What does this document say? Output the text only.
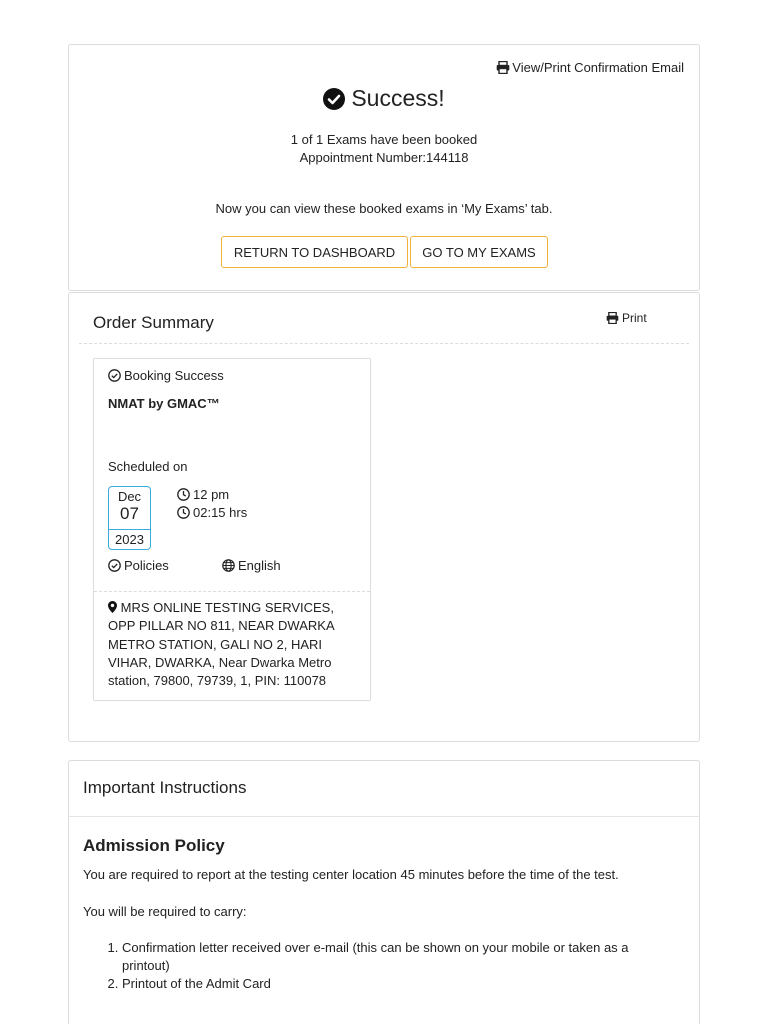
View/Print Confirmation Email
Success!
1 of 1 Exams have been booked
Appointment Number:144118
Now you can view these booked exams in ‘My Exams’ tab.
RETURN TO DASHBOARD	GO TO MY EXAMS
Order Summary	Print
Booking Success
NMAT by GMAC™
Scheduled on
Dec
07
2023
12 pm
02:15 hrs
Policies	English
MRS ONLINE TESTING SERVICES, OPP PILLAR NO 811, NEAR DWARKA METRO STATION, GALI NO 2, HARI VIHAR, DWARKA, Near Dwarka Metro station, 79800, 79739, 1, PIN: 110078
Important Instructions
Admission Policy
You are required to report at the testing center location 45 minutes before the time of the test.
You will be required to carry:
1. Confirmation letter received over e-mail (this can be shown on your mobile or taken as a printout)
2. Printout of the Admit Card
